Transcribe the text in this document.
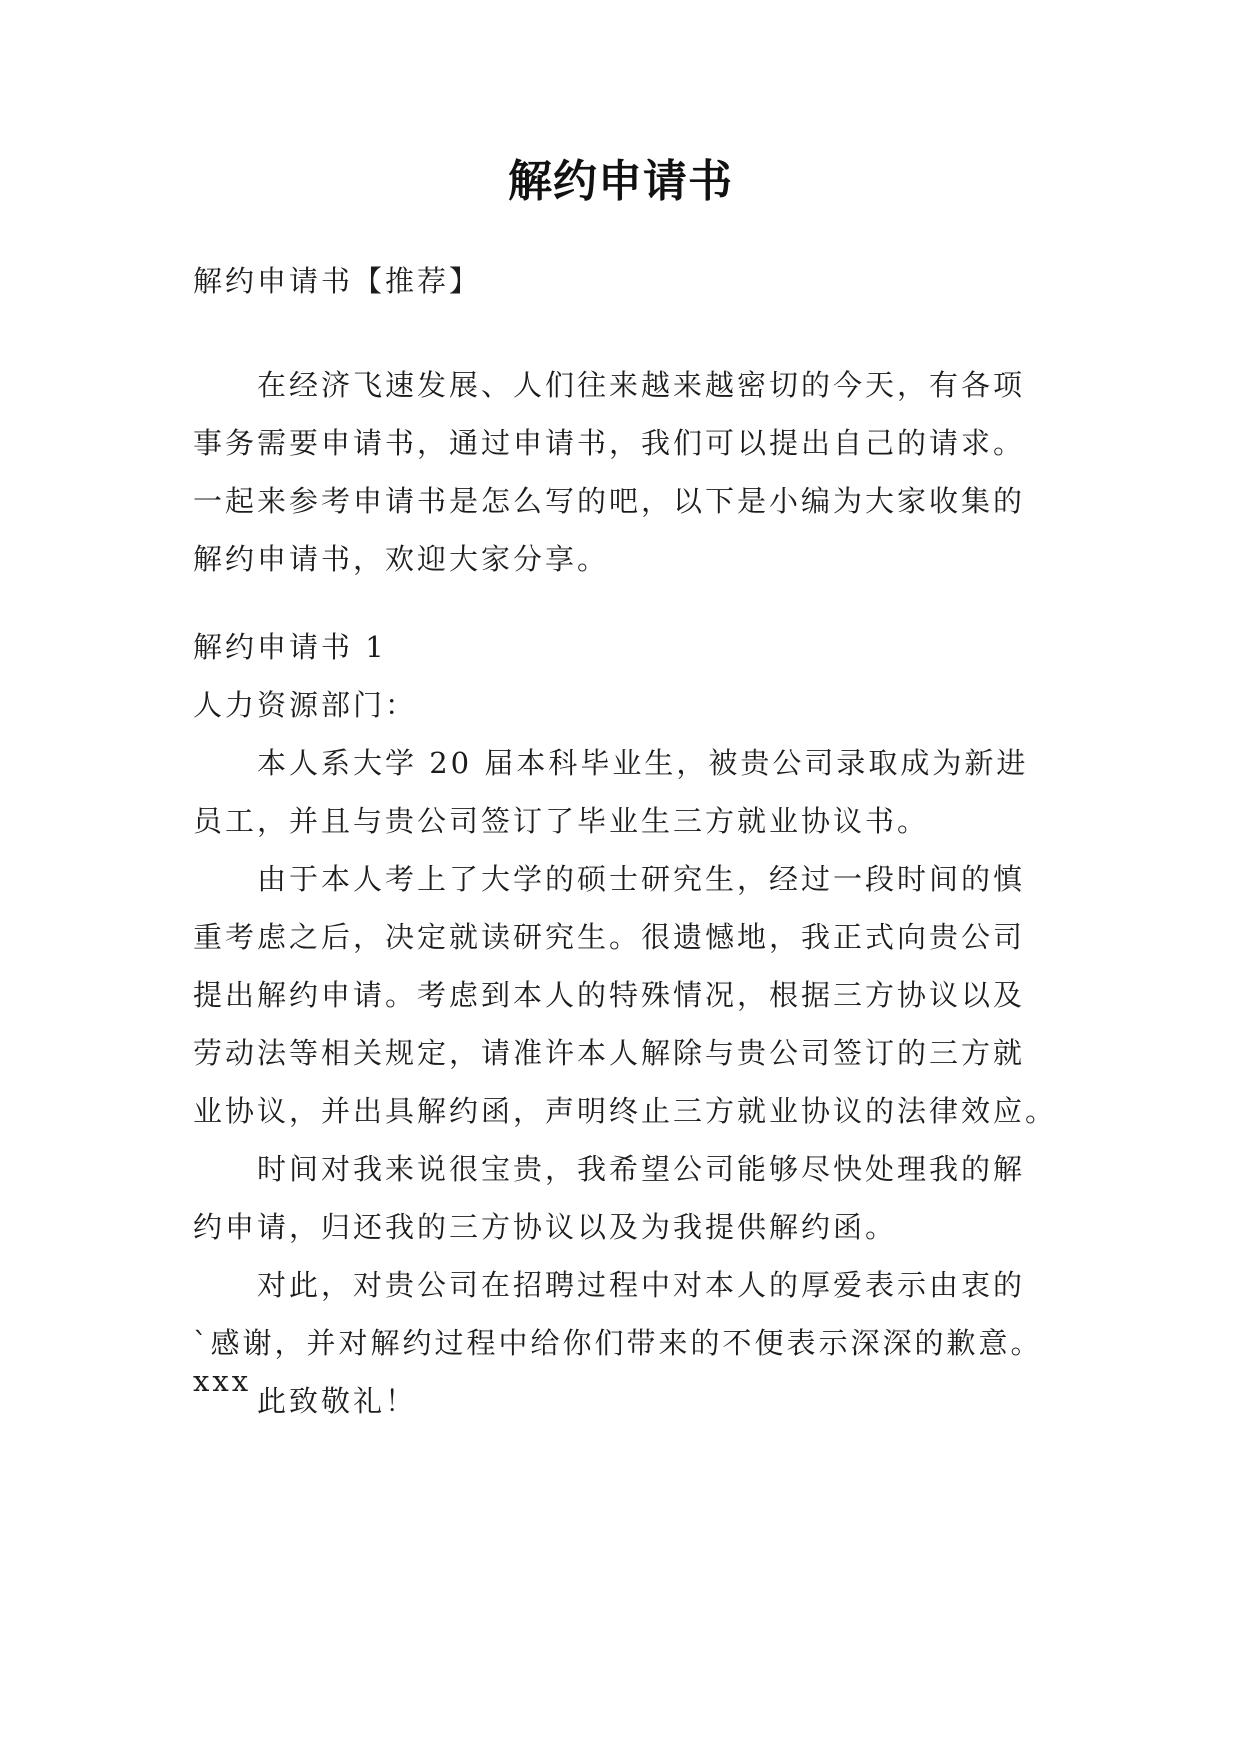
解约申请书
解约申请书【推荐】
在经济飞速发展、人们往来越来越密切的今天，有各项
事务需要申请书，通过申请书，我们可以提出自己的请求。
一起来参考申请书是怎么写的吧，以下是小编为大家收集的
解约申请书，欢迎大家分享。
解约申请书 1
人力资源部门：
本人系大学 20 届本科毕业生，被贵公司录取成为新进
员工，并且与贵公司签订了毕业生三方就业协议书。
由于本人考上了大学的硕士研究生，经过一段时间的慎
重考虑之后，决定就读研究生。很遗憾地，我正式向贵公司
提出解约申请。考虑到本人的特殊情况，根据三方协议以及
劳动法等相关规定，请准许本人解除与贵公司签订的三方就
业协议，并出具解约函，声明终止三方就业协议的法律效应。
时间对我来说很宝贵，我希望公司能够尽快处理我的解
约申请，归还我的三方协议以及为我提供解约函。
对此，对贵公司在招聘过程中对本人的厚爱表示由衷的
`感谢，并对解约过程中给你们带来的不便表示深深的歉意。
此致敬礼！
xxx
